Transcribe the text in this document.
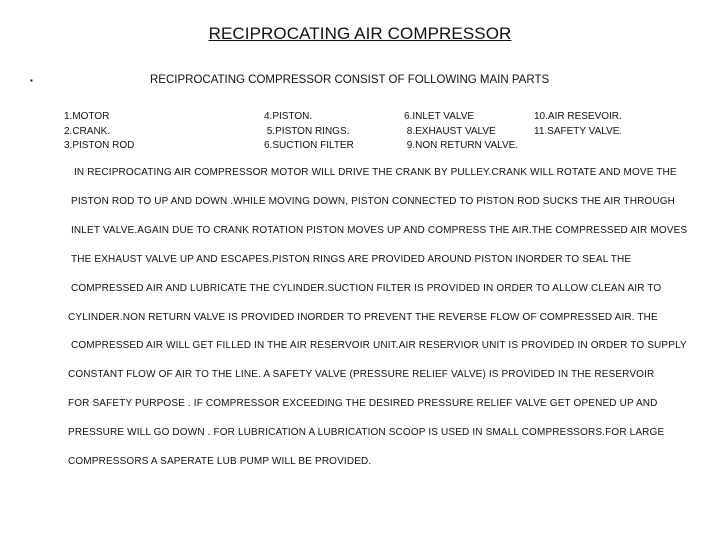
RECIPROCATING AIR COMPRESSOR
▪	RECIPROCATING COMPRESSOR CONSIST OF FOLLOWING MAIN PARTS
1.MOTOR
2.CRANK.
3.PISTON ROD
4.PISTON.
5.PISTON RINGS.
6.SUCTION FILTER
6.INLET VALVE
8.EXHAUST VALVE
9.NON RETURN VALVE.
10.AIR RESEVOIR.
11.SAFETY VALVE.
IN RECIPROCATING AIR COMPRESSOR MOTOR WILL DRIVE THE CRANK BY PULLEY.CRANK WILL ROTATE AND MOVE THE
PISTON ROD TO UP AND DOWN .WHILE MOVING DOWN, PISTON CONNECTED TO PISTON ROD SUCKS THE AIR THROUGH
INLET VALVE.AGAIN DUE TO CRANK ROTATION PISTON MOVES UP AND COMPRESS THE AIR.THE COMPRESSED AIR MOVES
THE EXHAUST VALVE UP AND ESCAPES.PISTON RINGS ARE PROVIDED AROUND PISTON INORDER TO SEAL THE
COMPRESSED AIR AND LUBRICATE THE CYLINDER.SUCTION FILTER IS PROVIDED IN ORDER TO ALLOW CLEAN AIR TO
CYLINDER.NON RETURN VALVE IS PROVIDED INORDER TO PREVENT THE REVERSE FLOW OF COMPRESSED AIR. THE
COMPRESSED AIR WILL GET FILLED IN THE AIR RESERVOIR UNIT.AIR RESERVIOR UNIT IS PROVIDED IN ORDER TO SUPPLY
CONSTANT FLOW OF AIR TO THE LINE. A SAFETY VALVE (PRESSURE RELIEF VALVE) IS PROVIDED IN THE RESERVOIR
FOR SAFETY PURPOSE . IF COMPRESSOR EXCEEDING THE DESIRED PRESSURE RELIEF VALVE GET OPENED UP AND
PRESSURE WILL GO DOWN . FOR LUBRICATION A LUBRICATION SCOOP IS USED IN SMALL COMPRESSORS.FOR LARGE
COMPRESSORS A SAPERATE LUB PUMP WILL BE PROVIDED.
